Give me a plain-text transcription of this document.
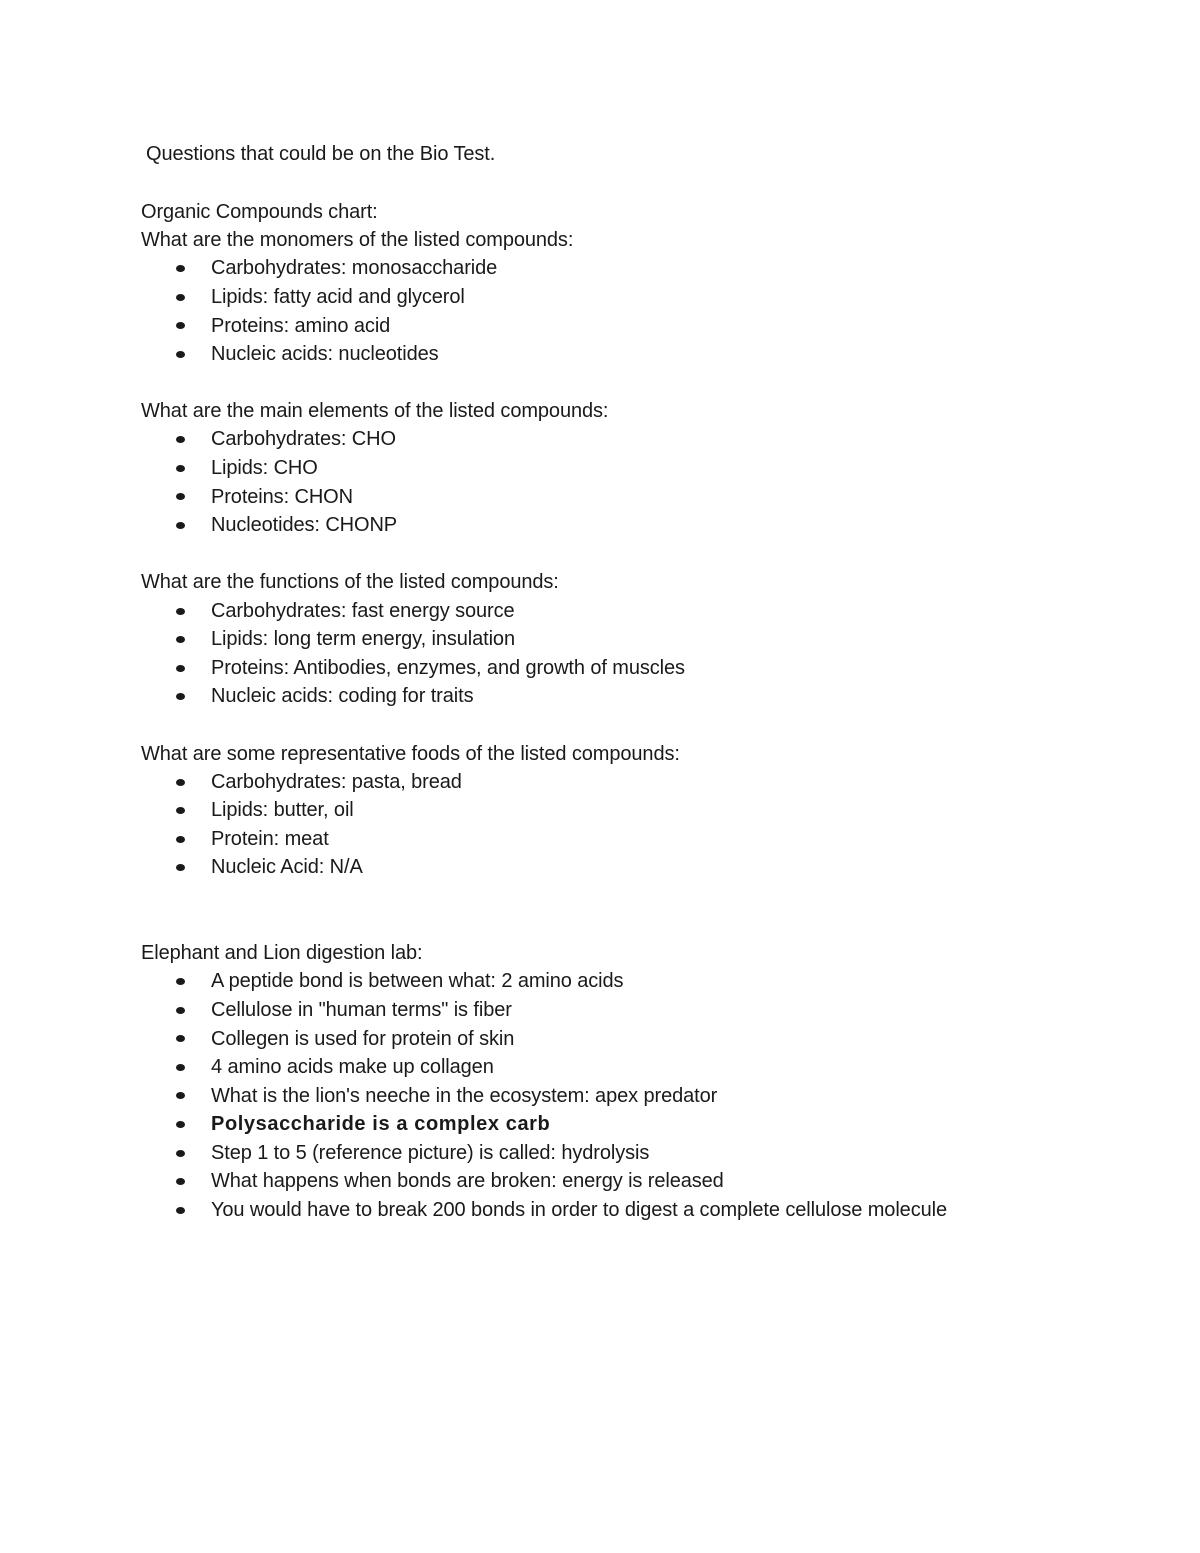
Questions that could be on the Bio Test.
Organic Compounds chart:
What are the monomers of the listed compounds:
Carbohydrates: monosaccharide
Lipids: fatty acid and glycerol
Proteins: amino acid
Nucleic acids: nucleotides
What are the main elements of the listed compounds:
Carbohydrates: CHO
Lipids: CHO
Proteins: CHON
Nucleotides: CHONP
What are the functions of the listed compounds:
Carbohydrates: fast energy source
Lipids: long term energy, insulation
Proteins: Antibodies, enzymes, and growth of muscles
Nucleic acids: coding for traits
What are some representative foods of the listed compounds:
Carbohydrates: pasta, bread
Lipids: butter, oil
Protein: meat
Nucleic Acid: N/A
Elephant and Lion digestion lab:
A peptide bond is between what: 2 amino acids
Cellulose in "human terms" is fiber
Collegen is used for protein of skin
4 amino acids make up collagen
What is the lion's neeche in the ecosystem: apex predator
Polysaccharide is a complex carb
Step 1 to 5 (reference picture) is called: hydrolysis
What happens when bonds are broken: energy is released
You would have to break 200 bonds in order to digest a complete cellulose molecule
